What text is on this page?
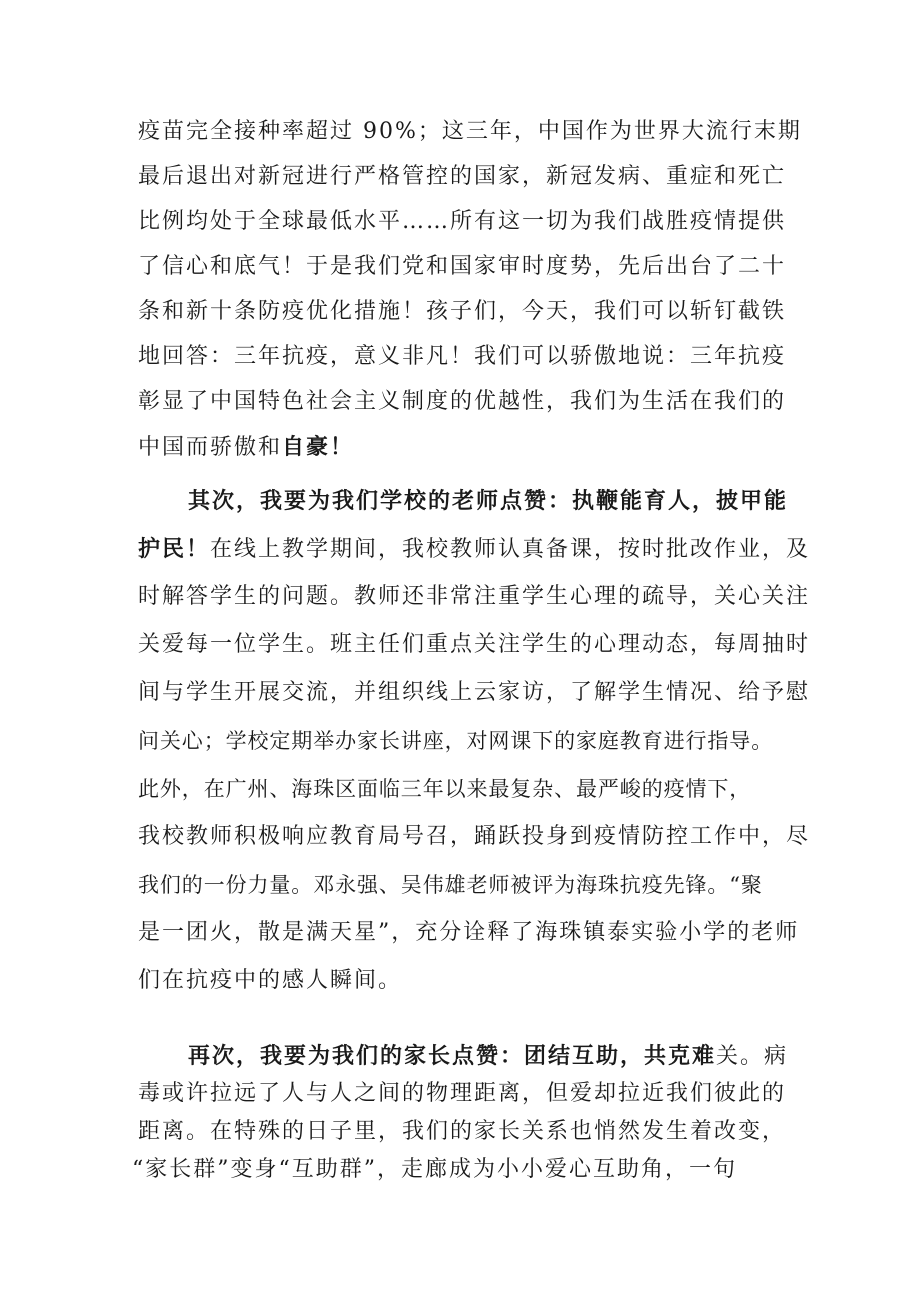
疫苗完全接种率超过 90%；这三年，中国作为世界大流行末期
最后退出对新冠进行严格管控的国家，新冠发病、重症和死亡
比例均处于全球最低水平……所有这一切为我们战胜疫情提供
了信心和底气！于是我们党和国家审时度势，先后出台了二十
条和新十条防疫优化措施！孩子们，今天，我们可以斩钉截铁
地回答：三年抗疫，意义非凡！我们可以骄傲地说：三年抗疫
彰显了中国特色社会主义制度的优越性，我们为生活在我们的
中国而骄傲和自豪！
其次，我要为我们学校的老师点赞：执鞭能育人，披甲能
护民！在线上教学期间，我校教师认真备课，按时批改作业，及
时解答学生的问题。教师还非常注重学生心理的疏导，关心关注
关爱每一位学生。班主任们重点关注学生的心理动态，每周抽时
间与学生开展交流，并组织线上云家访，了解学生情况、给予慰
问关心；学校定期举办家长讲座，对网课下的家庭教育进行指导。
此外，在广州、海珠区面临三年以来最复杂、最严峻的疫情下，
我校教师积极响应教育局号召，踊跃投身到疫情防控工作中，尽
我们的一份力量。邓永强、吴伟雄老师被评为海珠抗疫先锋。“聚
是一团火，散是满天星”，充分诠释了海珠镇泰实验小学的老师
们在抗疫中的感人瞬间。
再次，我要为我们的家长点赞：团结互助，共克难关。病
毒或许拉远了人与人之间的物理距离，但爱却拉近我们彼此的
距离。在特殊的日子里，我们的家长关系也悄然发生着改变，
“家长群”变身“互助群”，走廊成为小小爱心互助角，一句
